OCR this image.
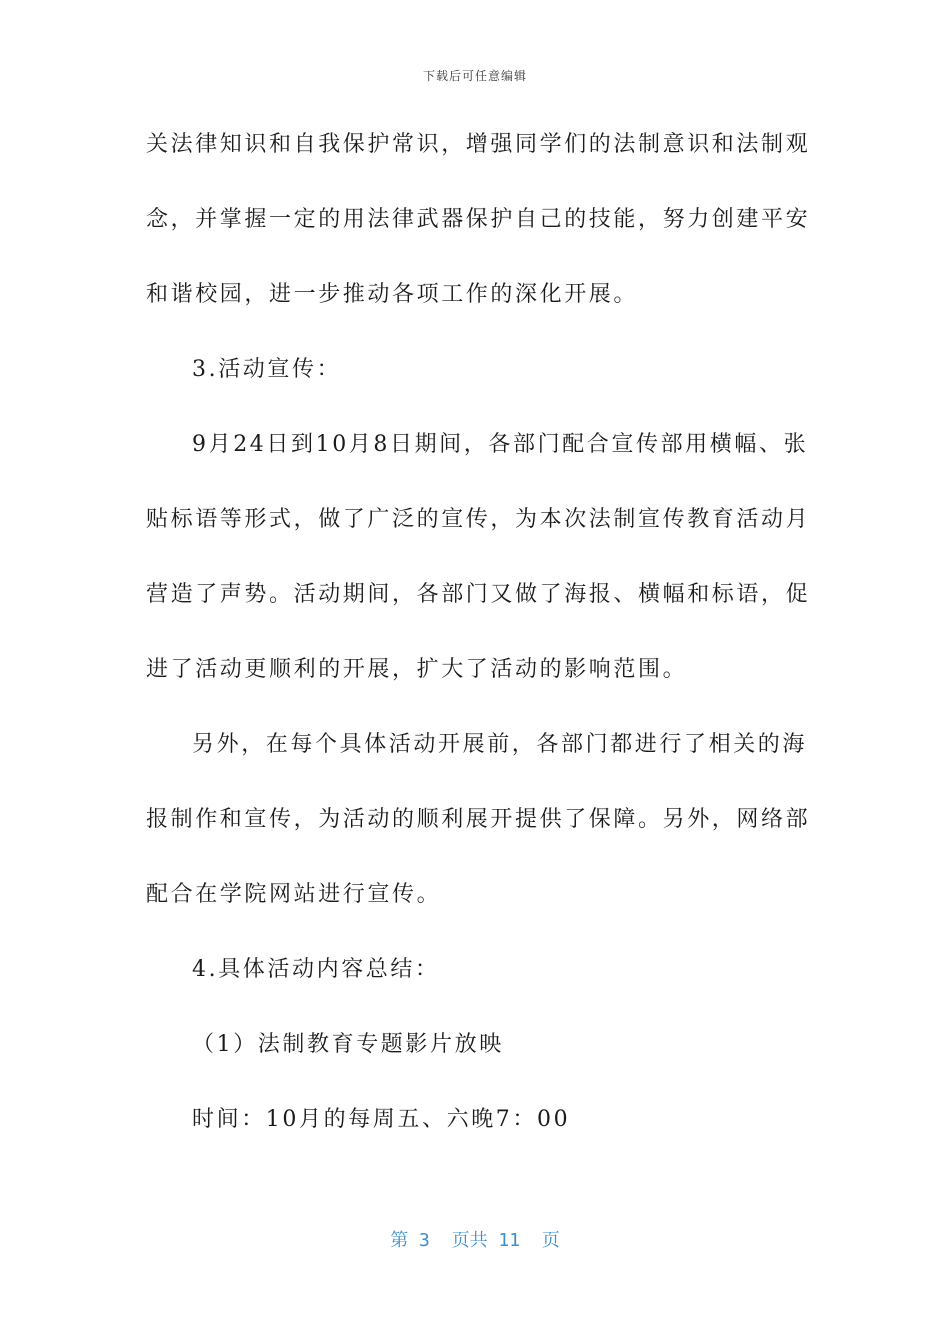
下载后可任意编辑
关法律知识和自我保护常识，增强同学们的法制意识和法制观
念，并掌握一定的用法律武器保护自己的技能，努力创建平安
和谐校园，进一步推动各项工作的深化开展。
3.活动宣传：
9月24日到10月8日期间，各部门配合宣传部用横幅、张
贴标语等形式，做了广泛的宣传，为本次法制宣传教育活动月
营造了声势。活动期间，各部门又做了海报、横幅和标语，促
进了活动更顺利的开展，扩大了活动的影响范围。
另外，在每个具体活动开展前，各部门都进行了相关的海
报制作和宣传，为活动的顺利展开提供了保障。另外，网络部
配合在学院网站进行宣传。
4.具体活动内容总结：
（1）法制教育专题影片放映
时间：10月的每周五、六晚7：00
第 3  页共 11  页
